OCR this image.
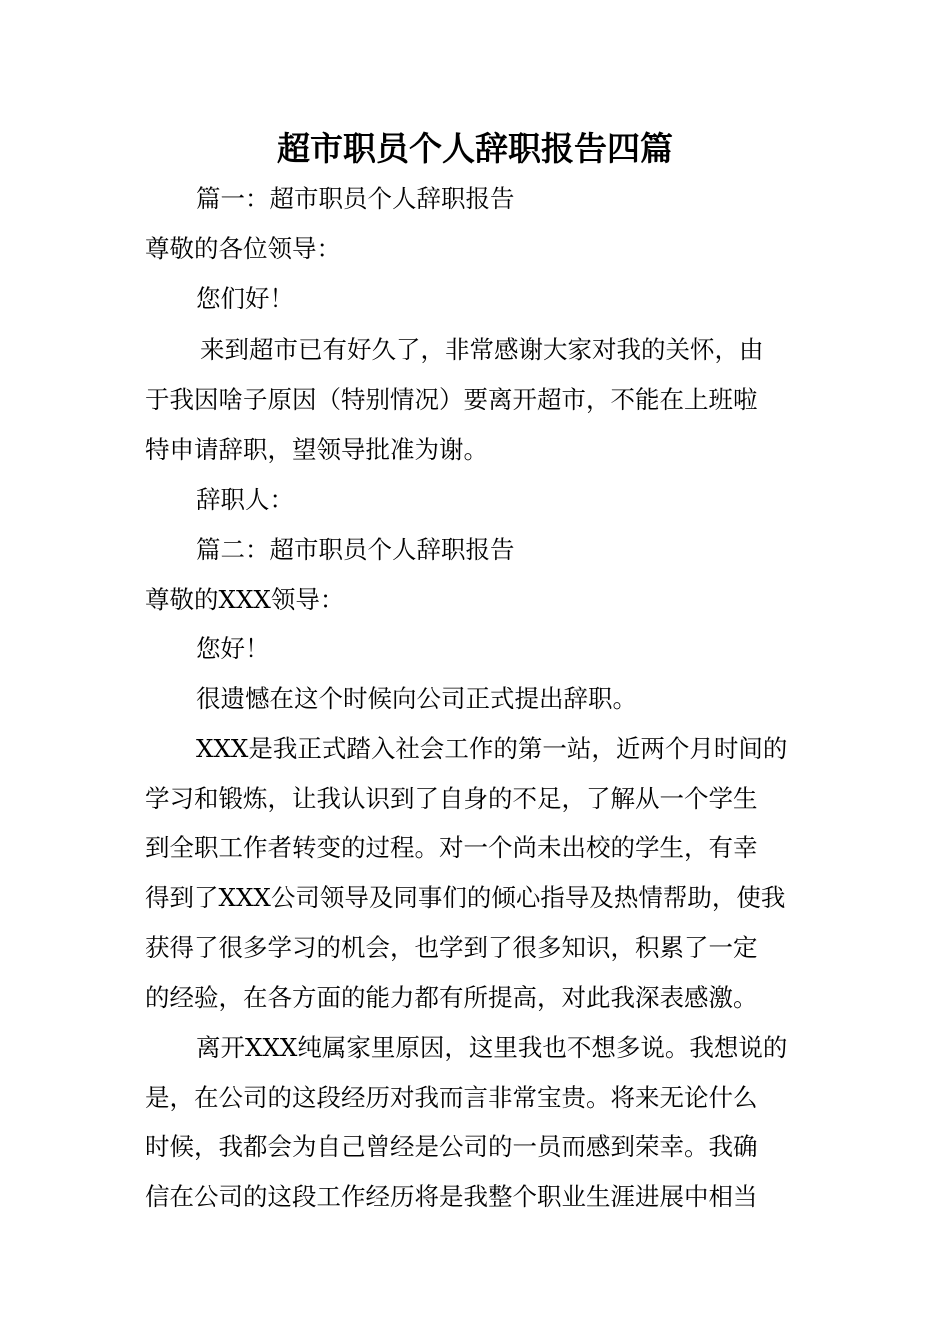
超市职员个人辞职报告四篇
篇一：超市职员个人辞职报告
尊敬的各位领导：
您们好！
来到超市已有好久了，非常感谢大家对我的关怀，由
于我因啥子原因（特别情况）要离开超市，不能在上班啦
特申请辞职，望领导批准为谢。
辞职人：
篇二：超市职员个人辞职报告
尊敬的XXX领导：
您好！
很遗憾在这个时候向公司正式提出辞职。
XXX是我正式踏入社会工作的第一站，近两个月时间的
学习和锻炼，让我认识到了自身的不足，了解从一个学生
到全职工作者转变的过程。对一个尚未出校的学生，有幸
得到了XXX公司领导及同事们的倾心指导及热情帮助，使我
获得了很多学习的机会，也学到了很多知识，积累了一定
的经验，在各方面的能力都有所提高，对此我深表感激。
离开XXX纯属家里原因，这里我也不想多说。我想说的
是，在公司的这段经历对我而言非常宝贵。将来无论什么
时候，我都会为自己曾经是公司的一员而感到荣幸。我确
信在公司的这段工作经历将是我整个职业生涯进展中相当
